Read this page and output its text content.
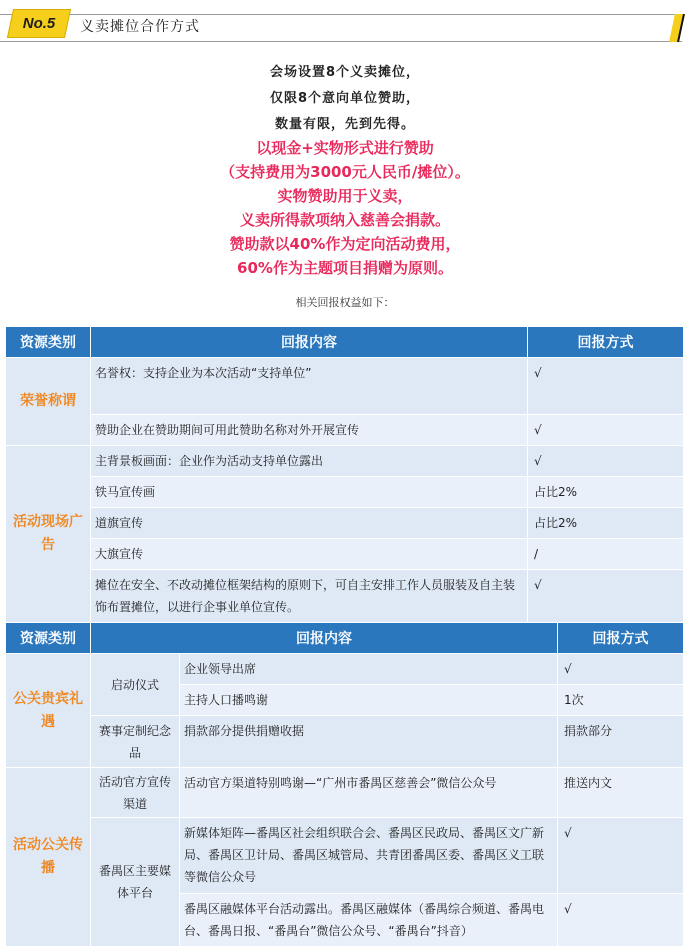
No.5	义卖摊位合作方式

会场设置8个义卖摊位，

仅限8个意向单位赞助，

数量有限，先到先得。

以现金+实物形式进行赞助

（支持费用为3000元人民币/摊位）。

实物赞助用于义卖，

义卖所得款项纳入慈善会捐款。

赞助款以40%作为定向活动费用，

60%作为主题项目捐赠为原则。

相关回报权益如下：
资源类别	回报内容	回报方式
荣誉称谓	名誉权：支持企业为本次活动“支持单位”	√
	赞助企业在赞助期间可用此赞助名称对外开展宣传	√
活动现场广告	主背景板画面：企业作为活动支持单位露出	√
	铁马宣传画	占比2%
	道旗宣传	占比2%
	大旗宣传	/
	摊位在安全、不改动摊位框架结构的原则下，可自主安排工作人员服装及自主装饰布置摊位，以进行企事业单位宣传。	√
资源类别	回报内容		回报方式
公关贵宾礼遇	启动仪式	企业领导出席	√
		主持人口播鸣谢	1次
	赛事定制纪念品	捐款部分提供捐赠收据	捐款部分
活动公关传播	活动官方宣传渠道	活动官方渠道特别鸣谢—“广州市番禺区慈善会”微信公众号	推送内文
	番禺区主要媒体平台	新媒体矩阵—番禺区社会组织联合会、番禺区民政局、番禺区文广新局、番禺区卫计局、番禺区城管局、共青团番禺区委、番禺区义工联等微信公众号	√
		番禺区融媒体平台活动露出。番禺区融媒体（番禺综合频道、番禺电台、番禺日报、“番禺台”微信公众号、“番禺台”抖音）	√
